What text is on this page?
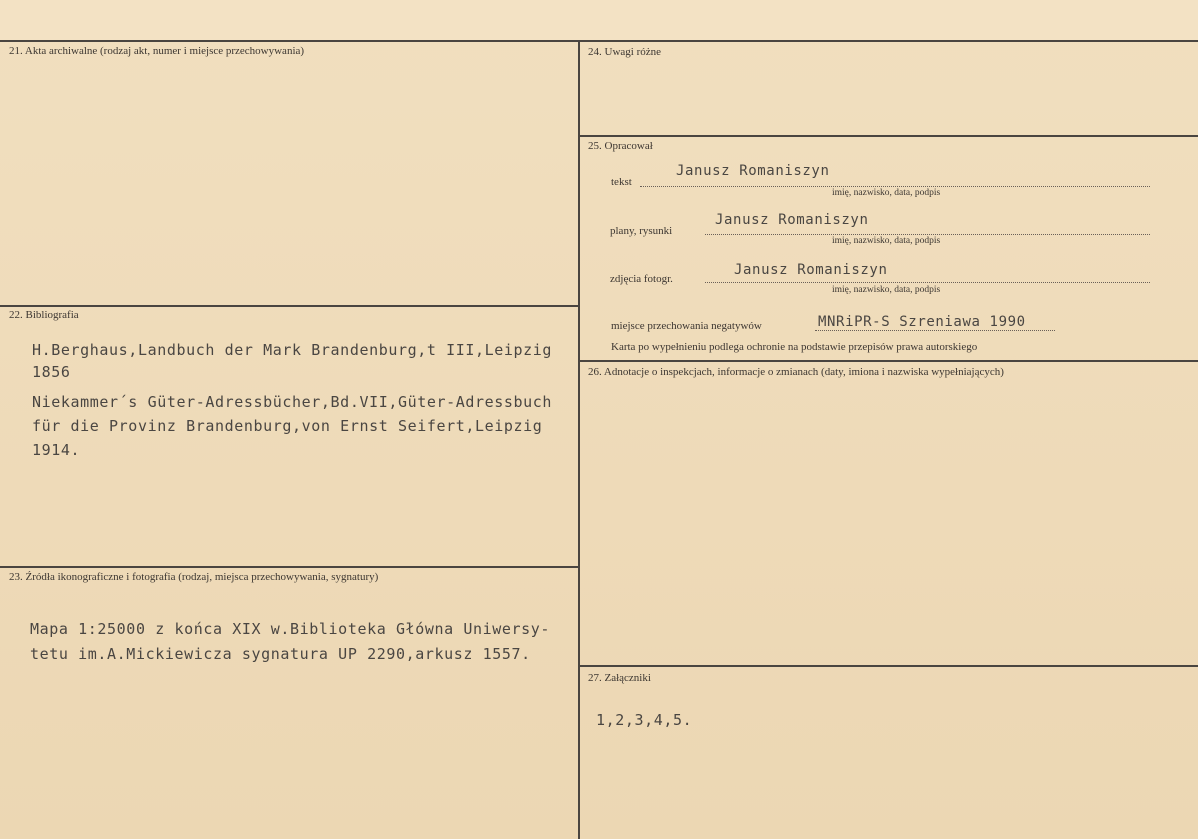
21. Akta archiwalne (rodzaj akt, numer i miejsce przechowywania)
22. Bibliografia
H.Berghaus,Landbuch der Mark Brandenburg,t III,Leipzig
1856
Niekammer´s Güter-Adressbücher,Bd.VII,Güter-Adressbuch
für die Provinz Brandenburg,von Ernst Seifert,Leipzig
1914.
23. Źródła ikonograficzne i fotografia (rodzaj, miejsca przechowywania, sygnatury)
Mapa 1:25000 z końca XIX w.Biblioteka Główna Uniwersy-
tetu im.A.Mickiewicza sygnatura UP 2290,arkusz 1557.
24. Uwagi różne
25. Opracował
tekst
Janusz Romaniszyn
imię, nazwisko, data, podpis
plany, rysunki
Janusz Romaniszyn
imię, nazwisko, data, podpis
zdjęcia fotogr.
Janusz Romaniszyn
imię, nazwisko, data, podpis
miejsce przechowania negatywów	MNRiPR-S Szreniawa 1990
Karta po wypełnieniu podlega ochronie na podstawie przepisów prawa autorskiego
26. Adnotacje o inspekcjach, informacje o zmianach (daty, imiona i nazwiska wypełniających)
27. Załączniki
1,2,3,4,5.
